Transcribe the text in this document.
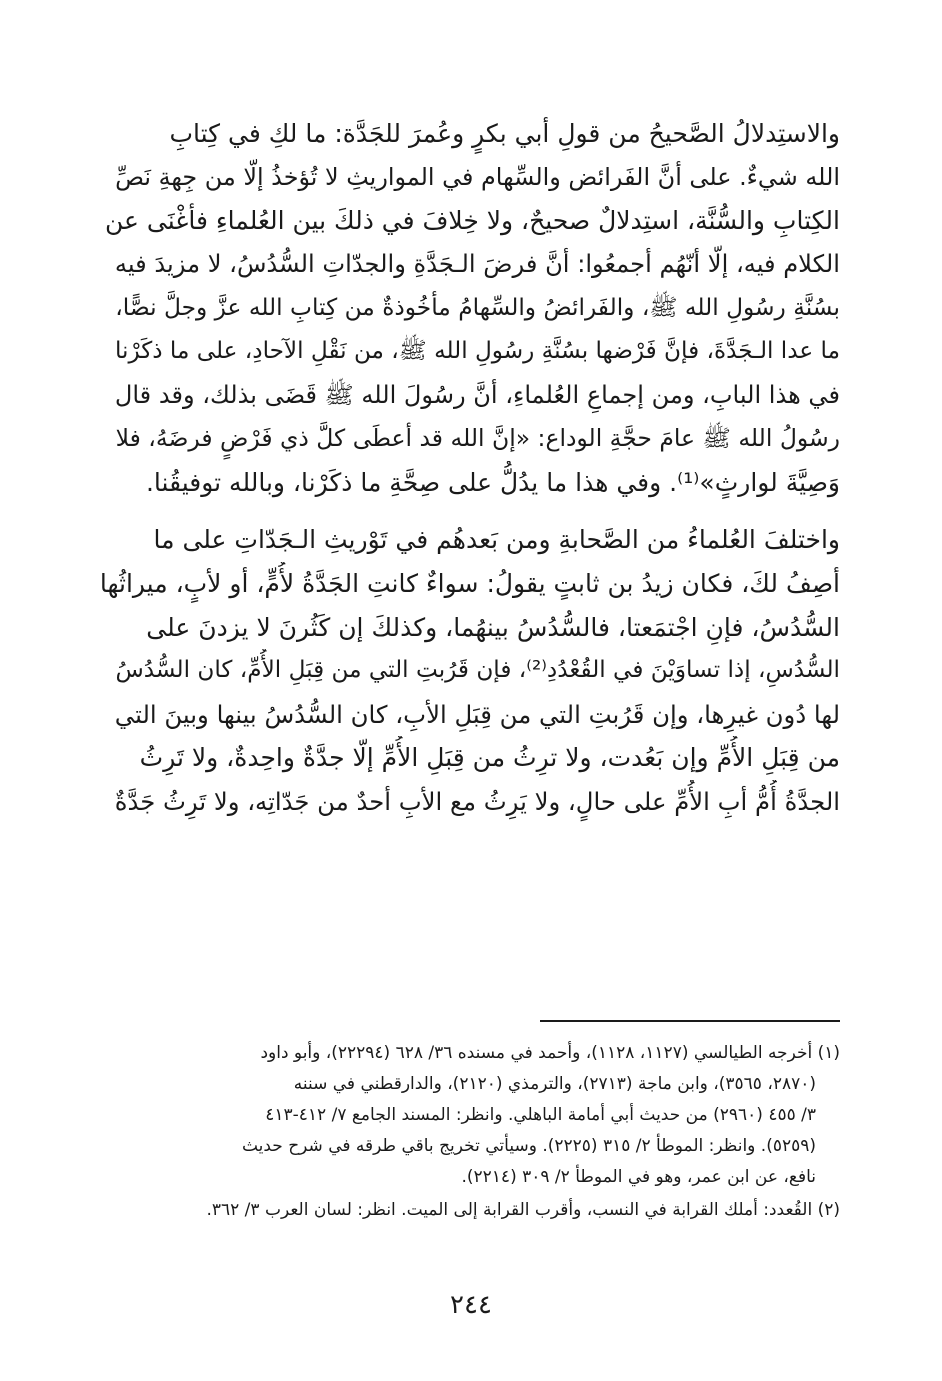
والاستِدلالُ الصَّحيحُ من قولِ أبي بكرٍ وعُمرَ للجَدَّة: ما لكِ في كِتابِ
الله شيءٌ. على أنَّ الفَرائض والسِّهام في المواريثِ لا تُؤخذُ إلّا من جِهةِ نَصِّ
الكِتابِ والسُّنَّة، استِدلالٌ صحيحٌ، ولا خِلافَ في ذلكَ بين العُلماءِ فأغْنَى عن
الكلام فيه، إلّا أنّهُم أجمعُوا: أنَّ فرضَ الـجَدَّةِ والجدّاتِ السُّدُسُ، لا مزيدَ فيه
بسُنَّةِ رسُولِ الله ﷺ، والفَرائضُ والسِّهامُ مأخُوذةٌ من كِتابِ الله عزَّ وجلَّ نصًّا،
ما عدا الـجَدَّةَ، فإنَّ فَرْضها بسُنَّةِ رسُولِ الله ﷺ، من نَقْلِ الآحادِ، على ما ذكَرْنا
في هذا البابِ، ومن إجماعِ العُلماءِ، أنَّ رسُولَ الله ﷺ قَضَى بذلك، وقد قال
رسُولُ الله ﷺ عامَ حجَّةِ الوداع: «إنَّ الله قد أعطَى كلَّ ذي فَرْضٍ فرضَهُ، فلا
وَصِيَّةَ لوارثٍ»⁽¹⁾. وفي هذا ما يدُلُّ على صِحَّةِ ما ذكَرْنا، وبالله توفيقُنا.

واختلفَ العُلماءُ من الصَّحابةِ ومن بَعدهُم في تَوْريثِ الـجَدّاتِ على ما
أصِفُ لكَ، فكان زيدُ بن ثابتٍ يقولُ: سواءٌ كانتِ الجَدَّةُ لأُمٍّ، أو لأبٍ، ميراثُها
السُّدُسُ، فإنِ اجْتمَعتا، فالسُّدُسُ بينهُما، وكذلكَ إن كَثُرنَ لا يزدنَ على
السُّدُسِ، إذا تساوَيْنَ في القُعْدُدِ⁽²⁾، فإن قَرُبتِ التي من قِبَلِ الأُمِّ، كان السُّدُسُ
لها دُون غيرِها، وإن قَرُبتِ التي من قِبَلِ الأبِ، كان السُّدُسُ بينها وبينَ التي
من قِبَلِ الأُمِّ وإن بَعُدت، ولا ترِثُ من قِبَلِ الأُمِّ إلّا جدَّةٌ واحِدةٌ، ولا تَرِثُ
الجدَّةُ أُمُّ أبِ الأُمِّ على حالٍ، ولا يَرِثُ مع الأبِ أحدٌ من جَدّاتِه، ولا تَرِثُ جَدَّةٌ

(١) أخرجه الطيالسي (١١٢٧، ١١٢٨)، وأحمد في مسنده ٣٦/ ٦٢٨ (٢٢٢٩٤)، وأبو داود
(٢٨٧٠، ٣٥٦٥)، وابن ماجة (٢٧١٣)، والترمذي (٢١٢٠)، والدارقطني في سننه
٣/ ٤٥٥ (٢٩٦٠) من حديث أبي أمامة الباهلي. وانظر: المسند الجامع ٧/ ٤١٢-٤١٣
(٥٢٥٩). وانظر: الموطأ ٢/ ٣١٥ (٢٢٢٥). وسيأتي تخريج باقي طرقه في شرح حديث
نافع، عن ابن عمر، وهو في الموطأ ٢/ ٣٠٩ (٢٢١٤).

(٢) القُعدد: أملك القرابة في النسب، وأقرب القرابة إلى الميت. انظر: لسان العرب ٣/ ٣٦٢.

٢٤٤
